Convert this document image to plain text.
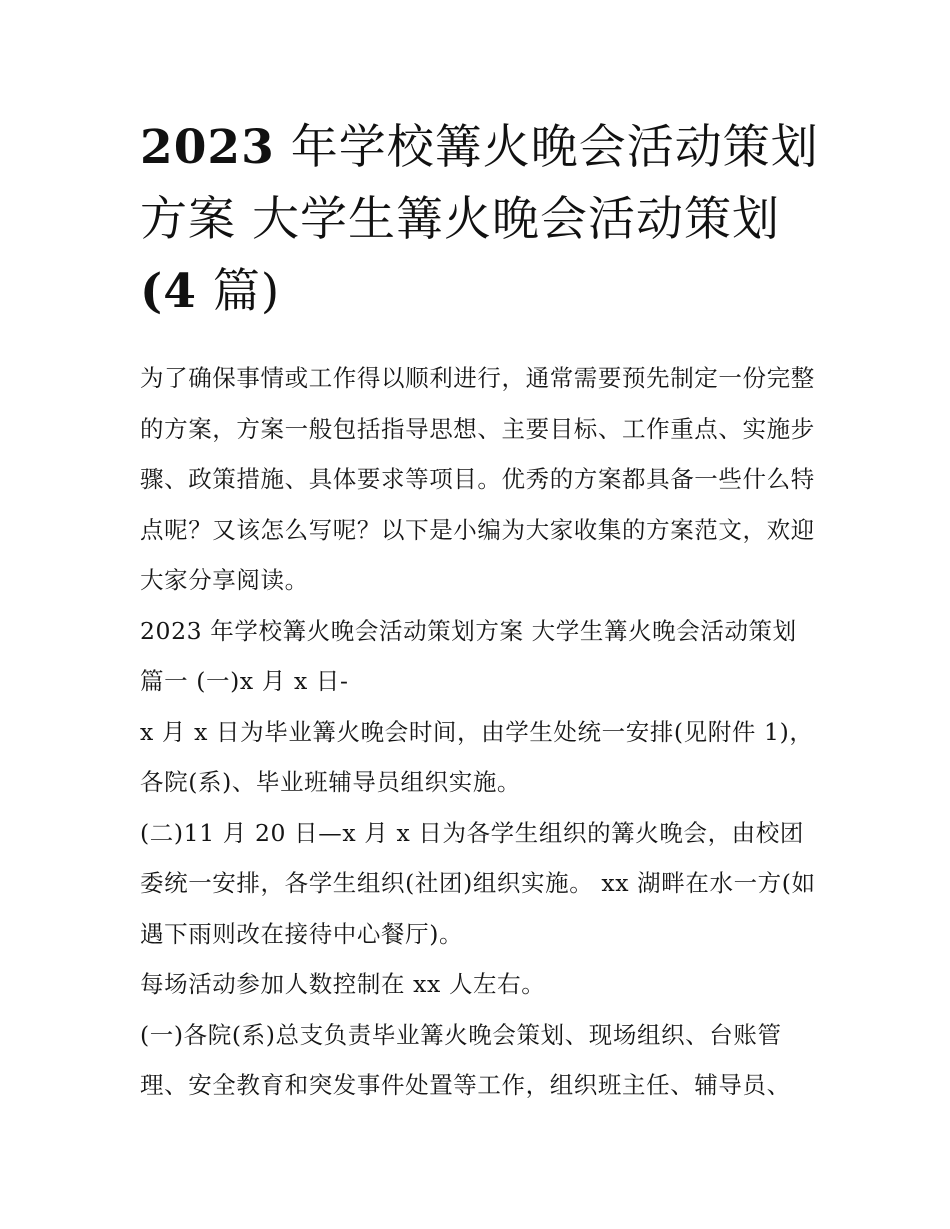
2023 年学校篝火晚会活动策划
方案 大学生篝火晚会活动策划
(4 篇)

为了确保事情或工作得以顺利进行，通常需要预先制定一份完整的方案，方案一般包括指导思想、主要目标、工作重点、实施步骤、政策措施、具体要求等项目。优秀的方案都具备一些什么特点呢？又该怎么写呢？以下是小编为大家收集的方案范文，欢迎大家分享阅读。

2023 年学校篝火晚会活动策划方案 大学生篝火晚会活动策划篇一 (一)x 月 x 日-

x 月 x 日为毕业篝火晚会时间，由学生处统一安排(见附件 1)，各院(系)、毕业班辅导员组织实施。

(二)11 月 20 日—x 月 x 日为各学生组织的篝火晚会，由校团委统一安排，各学生组织(社团)组织实施。 xx 湖畔在水一方(如遇下雨则改在接待中心餐厅)。

每场活动参加人数控制在 xx 人左右。

(一)各院(系)总支负责毕业篝火晚会策划、现场组织、台账管理、安全教育和突发事件处置等工作，组织班主任、辅导员、
